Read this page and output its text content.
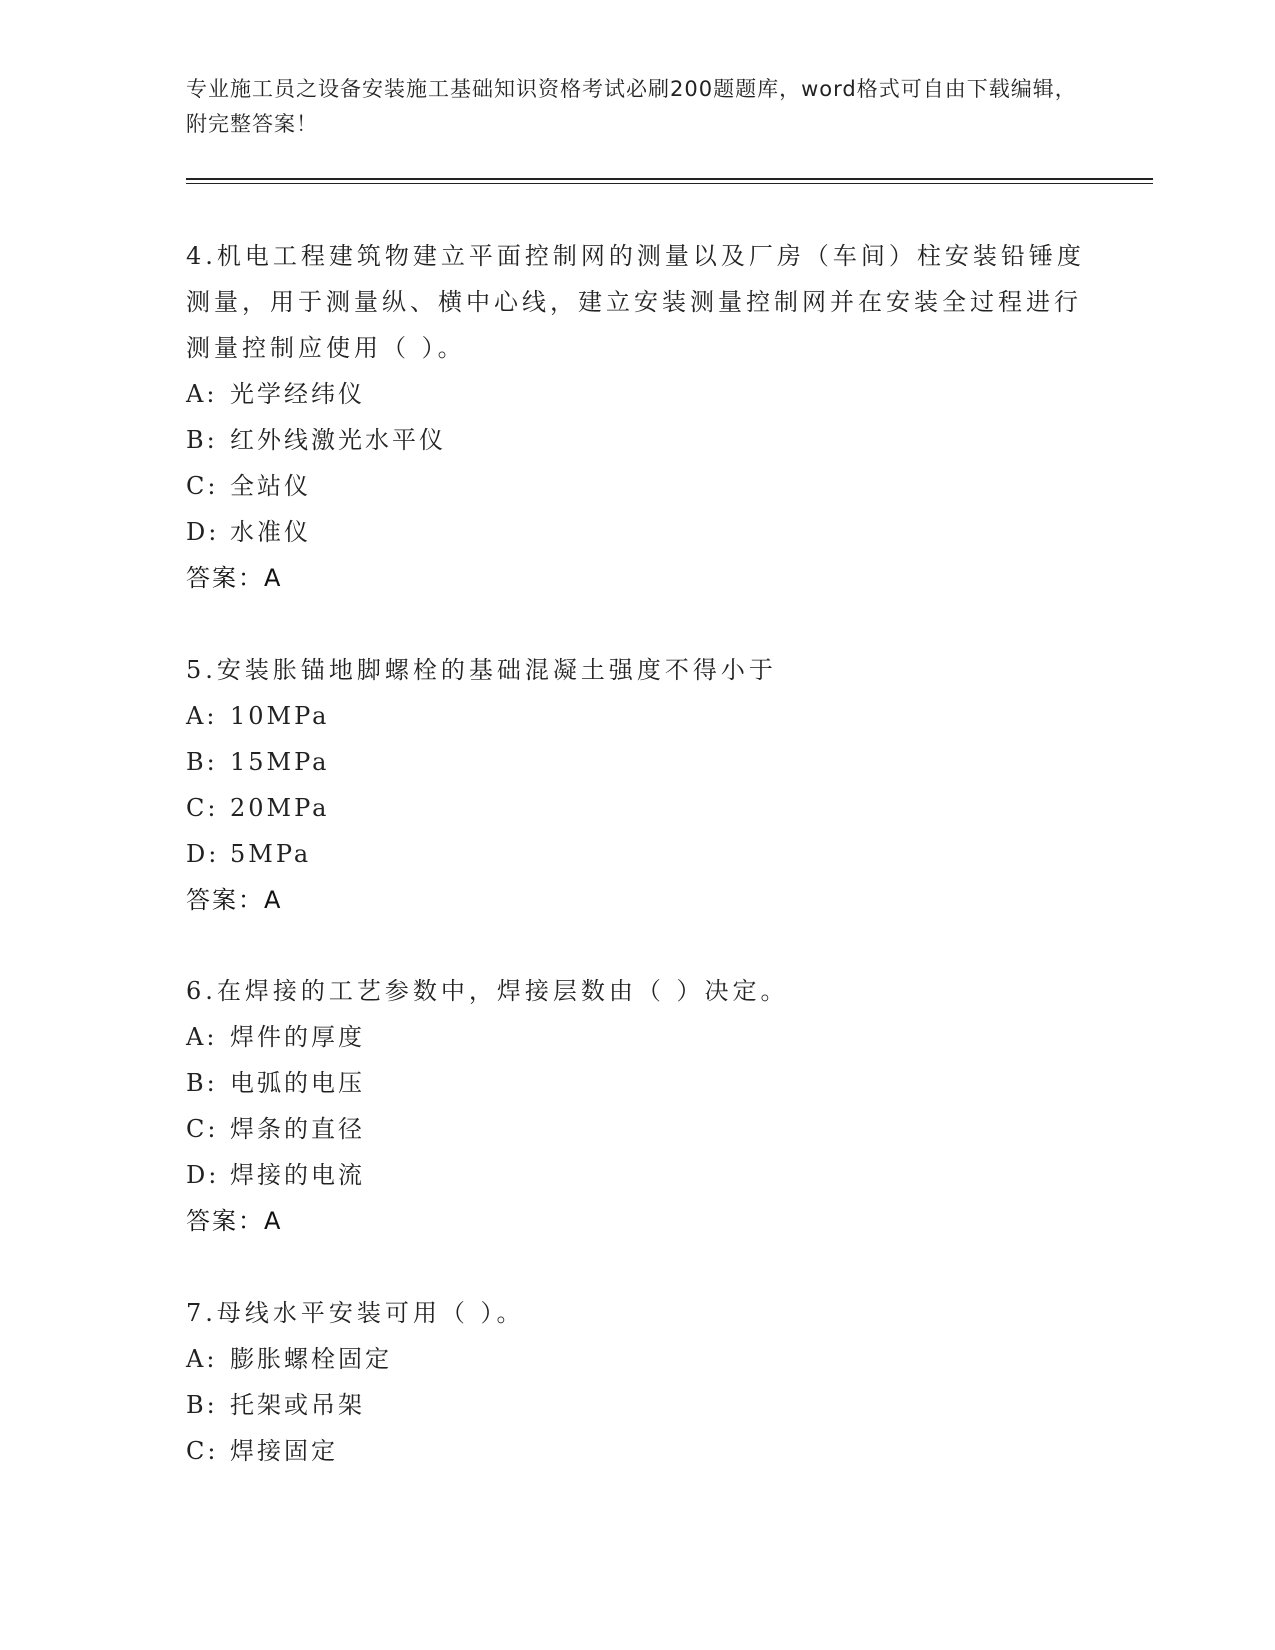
专业施工员之设备安装施工基础知识资格考试必刷200题题库，word格式可自由下载编辑，附完整答案！

4.机电工程建筑物建立平面控制网的测量以及厂房（车间）柱安装铅锤度测量，用于测量纵、横中心线，建立安装测量控制网并在安装全过程进行测量控制应使用（ ）。

A: 光学经纬仪
B: 红外线激光水平仪
C: 全站仪
D: 水准仪
答案：A

5.安装胀锚地脚螺栓的基础混凝土强度不得小于

A: 10MPa
B: 15MPa
C: 20MPa
D: 5MPa
答案：A

6.在焊接的工艺参数中，焊接层数由（ ）决定。

A: 焊件的厚度
B: 电弧的电压
C: 焊条的直径
D: 焊接的电流
答案：A

7.母线水平安装可用（ ）。

A: 膨胀螺栓固定
B: 托架或吊架
C: 焊接固定
